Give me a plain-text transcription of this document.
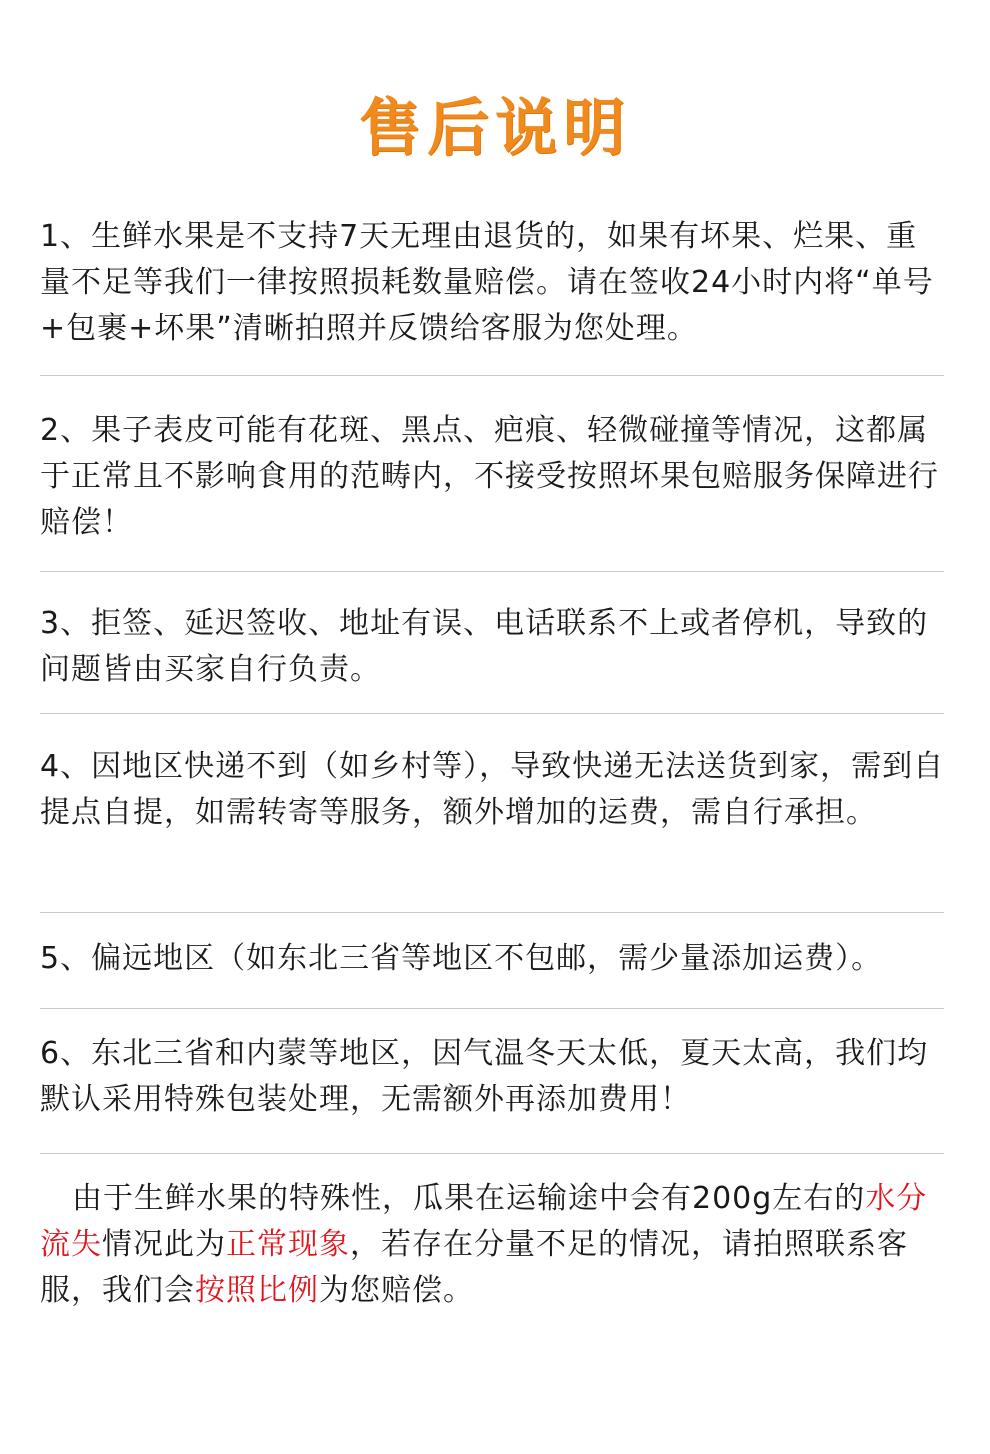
售后说明
1、生鲜水果是不支持7天无理由退货的，如果有坏果、烂果、重量不足等我们一律按照损耗数量赔偿。请在签收24小时内将“单号+包裹+坏果”清晰拍照并反馈给客服为您处理。
2、果子表皮可能有花斑、黑点、疤痕、轻微碰撞等情况，这都属于正常且不影响食用的范畴内，不接受按照坏果包赔服务保障进行赔偿！
3、拒签、延迟签收、地址有误、电话联系不上或者停机，导致的问题皆由买家自行负责。
4、因地区快递不到（如乡村等），导致快递无法送货到家，需到自提点自提，如需转寄等服务，额外增加的运费，需自行承担。
5、偏远地区（如东北三省等地区不包邮，需少量添加运费）。
6、东北三省和内蒙等地区，因气温冬天太低，夏天太高，我们均默认采用特殊包装处理，无需额外再添加费用！
由于生鲜水果的特殊性，瓜果在运输途中会有200g左右的水分流失情况此为正常现象，若存在分量不足的情况，请拍照联系客服，我们会按照比例为您赔偿。
